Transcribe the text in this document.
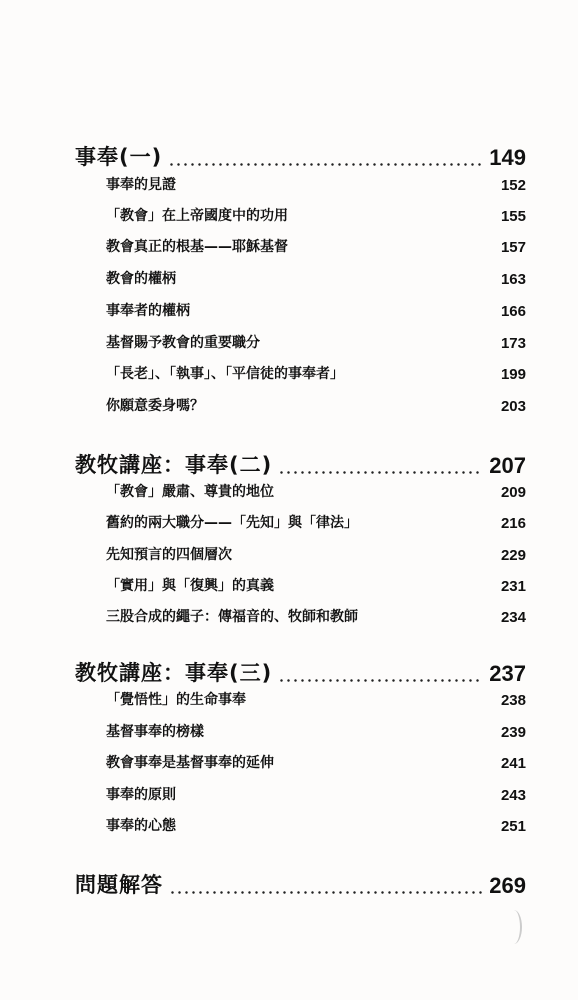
事奉(一)	149
事奉的見證	152
「教會」在上帝國度中的功用	155
教會真正的根基——耶穌基督	157
教會的權柄	163
事奉者的權柄	166
基督賜予教會的重要職分	173
「長老」、「執事」、「平信徒的事奉者」	199
你願意委身嗎？	203
教牧講座：事奉(二)	207
「教會」嚴肅、尊貴的地位	209
舊約的兩大職分——「先知」與「律法」	216
先知預言的四個層次	229
「實用」與「復興」的真義	231
三股合成的繩子：傳福音的、牧師和教師	234
教牧講座：事奉(三)	237
「覺悟性」的生命事奉	238
基督事奉的榜樣	239
教會事奉是基督事奉的延伸	241
事奉的原則	243
事奉的心態	251
問題解答	269
